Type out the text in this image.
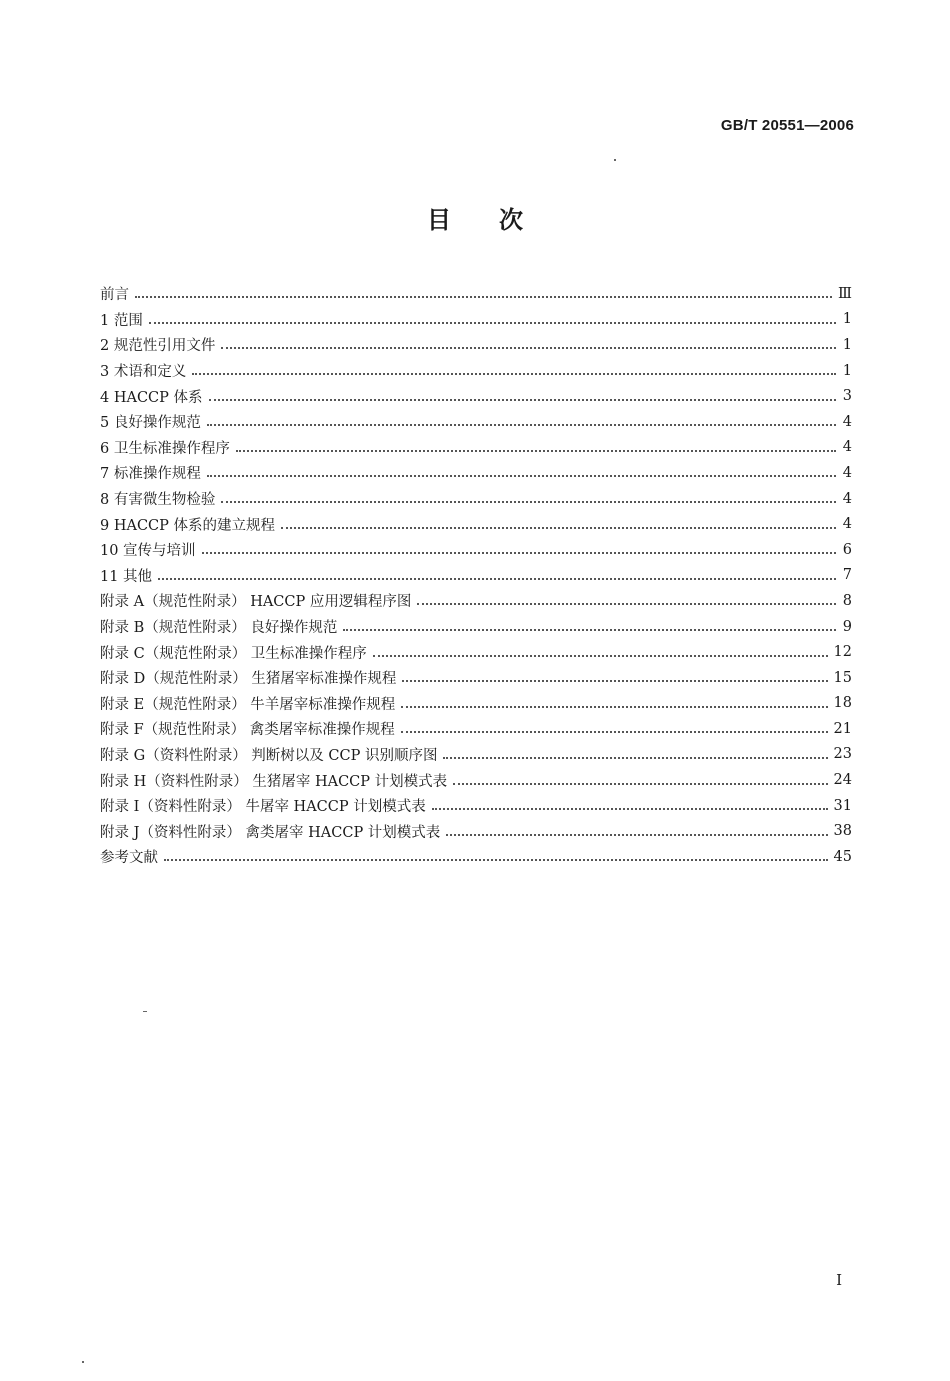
GB/T 20551—2006
目次
前言	Ⅲ
1 范围	1
2 规范性引用文件	1
3 术语和定义	1
4 HACCP 体系	3
5 良好操作规范	4
6 卫生标准操作程序	4
7 标准操作规程	4
8 有害微生物检验	4
9 HACCP 体系的建立规程	4
10 宣传与培训	6
11 其他	7
附录 A（规范性附录） HACCP 应用逻辑程序图	8
附录 B（规范性附录） 良好操作规范	9
附录 C（规范性附录） 卫生标准操作程序	12
附录 D（规范性附录） 生猪屠宰标准操作规程	15
附录 E（规范性附录） 牛羊屠宰标准操作规程	18
附录 F（规范性附录） 禽类屠宰标准操作规程	21
附录 G（资料性附录） 判断树以及 CCP 识别顺序图	23
附录 H（资料性附录） 生猪屠宰 HACCP 计划模式表	24
附录 I（资料性附录） 牛屠宰 HACCP 计划模式表	31
附录 J（资料性附录） 禽类屠宰 HACCP 计划模式表	38
参考文献	45
I
